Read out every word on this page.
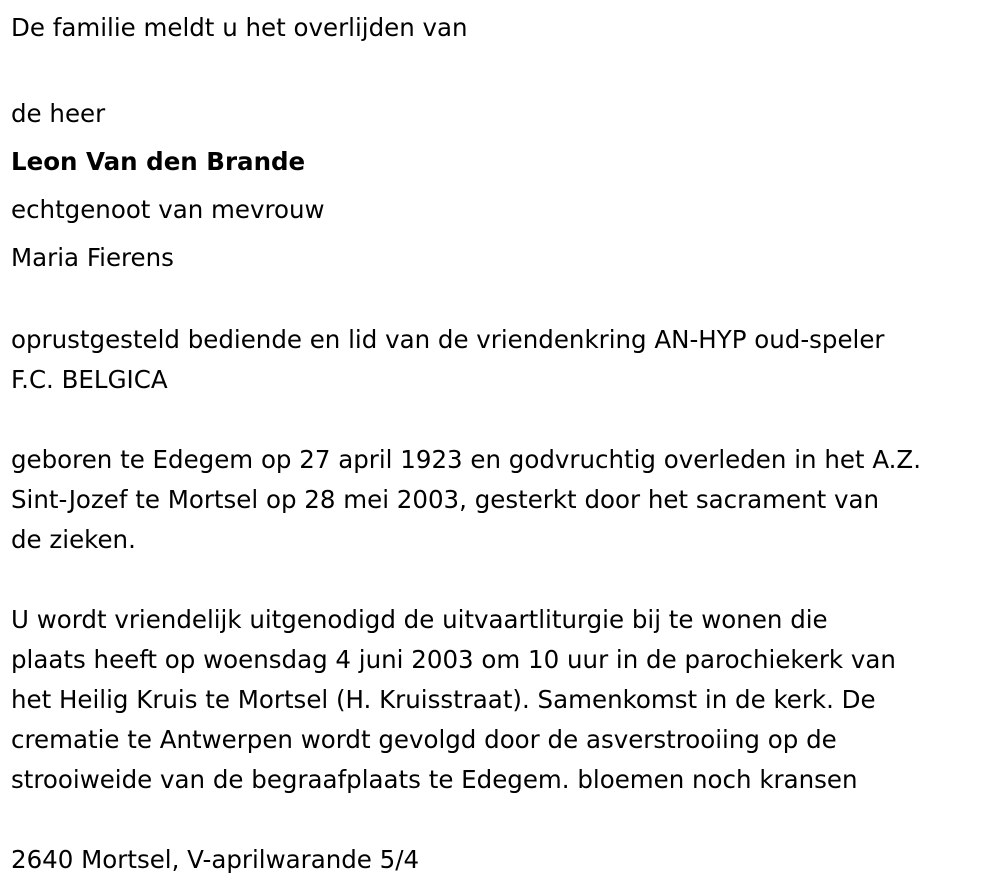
De familie meldt u het overlijden van

de heer

Leon Van den Brande

echtgenoot van mevrouw

Maria Fierens

oprustgesteld bediende en lid van de vriendenkring AN-HYP oud-speler

F.C. BELGICA

geboren te Edegem op 27 april 1923 en godvruchtig overleden in het A.Z.

Sint-Jozef te Mortsel op 28 mei 2003, gesterkt door het sacrament van

de zieken.

U wordt vriendelijk uitgenodigd de uitvaartliturgie bij te wonen die

plaats heeft op woensdag 4 juni 2003 om 10 uur in de parochiekerk van

het Heilig Kruis te Mortsel (H. Kruisstraat). Samenkomst in de kerk. De

crematie te Antwerpen wordt gevolgd door de asverstrooiing op de

strooiweide van de begraafplaats te Edegem. bloemen noch kransen

2640 Mortsel, V-aprilwarande 5/4
